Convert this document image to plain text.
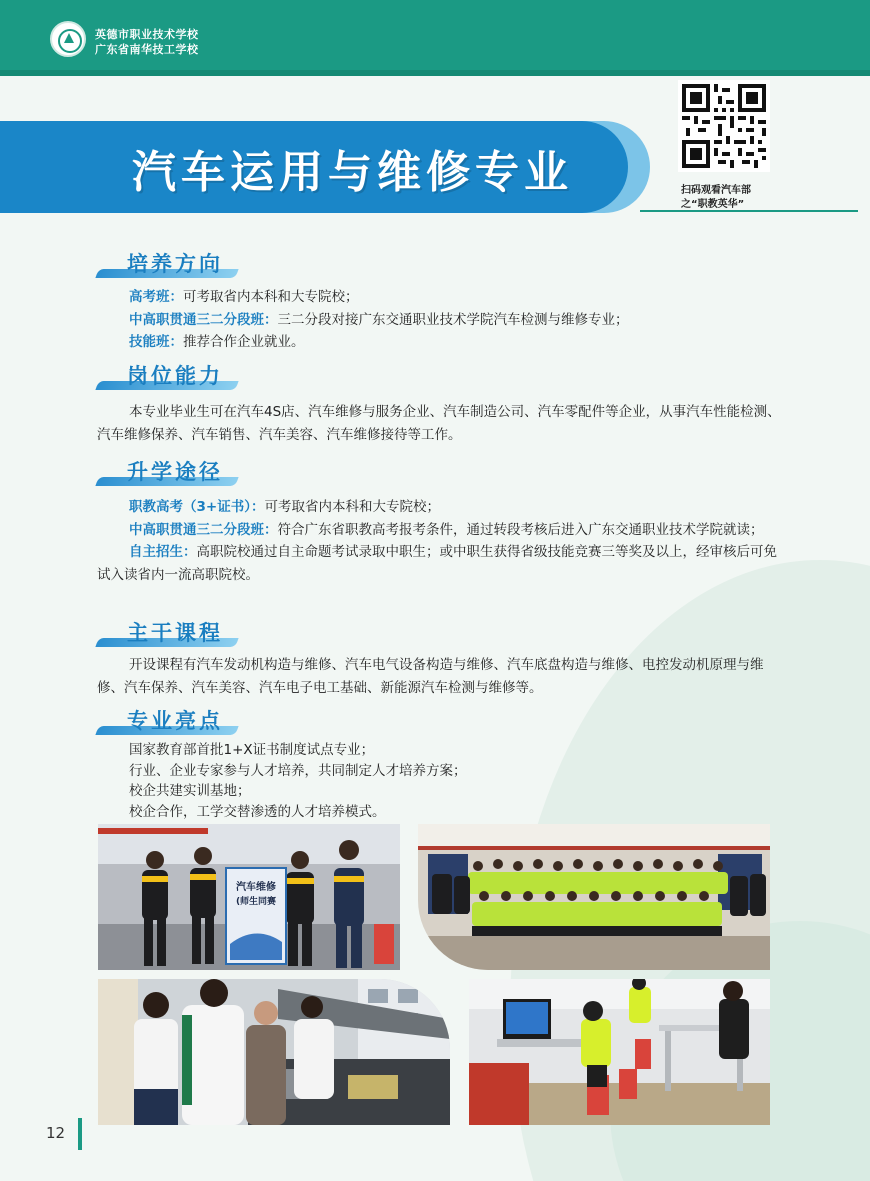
英德市职业技术学校
广东省南华技工学校
汽车运用与维修专业	扫码观看汽车部
之“职教英华”
培养方向
高考班：可考取省内本科和大专院校；
中高职贯通三二分段班：三二分段对接广东交通职业技术学院汽车检测与维修专业；
技能班：推荐合作企业就业。
岗位能力
本专业毕业生可在汽车4S店、汽车维修与服务企业、汽车制造公司、汽车零配件等企业，从事汽车性能检测、汽车维修保养、汽车销售、汽车美容、汽车维修接待等工作。
升学途径
职教高考（3+证书）：可考取省内本科和大专院校；
中高职贯通三二分段班：符合广东省职教高考报考条件，通过转段考核后进入广东交通职业技术学院就读；
自主招生：高职院校通过自主命题考试录取中职生；或中职生获得省级技能竞赛三等奖及以上，经审核后可免试入读省内一流高职院校。
主干课程
开设课程有汽车发动机构造与维修、汽车电气设备构造与维修、汽车底盘构造与维修、电控发动机原理与维修、汽车保养、汽车美容、汽车电子电工基础、新能源汽车检测与维修等。
专业亮点
国家教育部首批1+X证书制度试点专业；
行业、企业专家参与人才培养，共同制定人才培养方案；
校企共建实训基地；
校企合作，工学交替渗透的人才培养模式。
汽车维修
(师生同赛
12
